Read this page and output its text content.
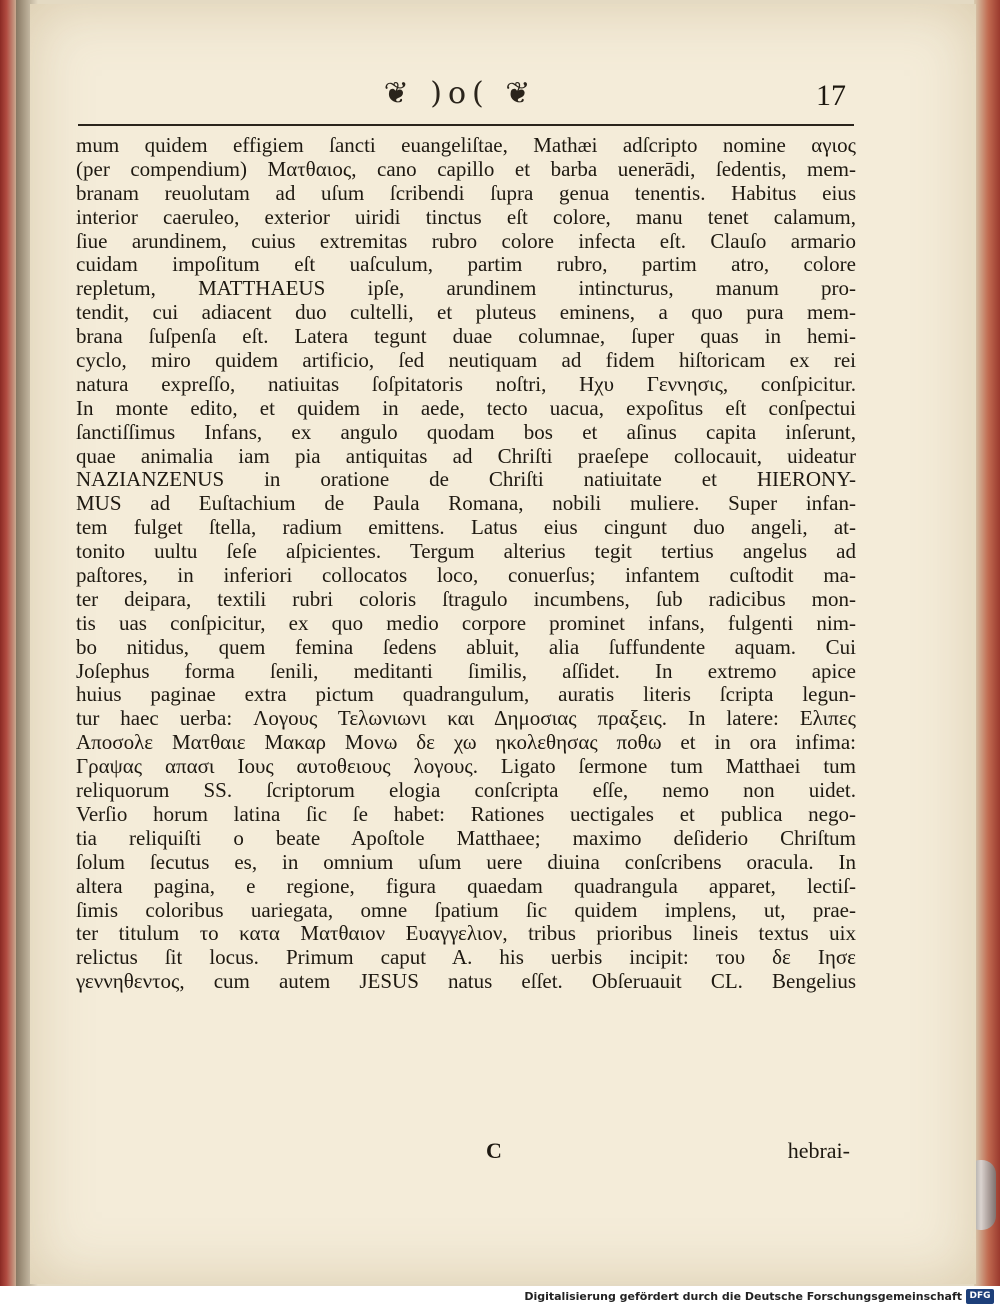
❦ )o( ❦	17
mum quidem effigiem ſancti euangeliſtae, Mathæi adſcripto nomine αγιος
(per compendium) Ματθαιος, cano capillo et barba uenerādi, ſedentis, mem-
branam reuolutam ad uſum ſcribendi ſupra genua tenentis. Habitus eius
interior caeruleo, exterior uiridi tinctus eſt colore, manu tenet calamum,
ſiue arundinem, cuius extremitas rubro colore infecta eſt. Clauſo armario
cuidam impoſitum eſt uaſculum, partim rubro, partim atro, colore
repletum, MATTHAEUS ipſe, arundinem intincturus, manum pro-
tendit, cui adiacent duo cultelli, et pluteus eminens, a quo pura mem-
brana ſuſpenſa eſt. Latera tegunt duae columnae, ſuper quas in hemi-
cyclo, miro quidem artificio, ſed neutiquam ad fidem hiſtoricam ex rei
natura expreſſo, natiuitas ſoſpitatoris noſtri, Ηχυ Γεννησις, conſpicitur.
In monte edito, et quidem in aede, tecto uacua, expoſitus eſt conſpectui
ſanctiſſimus Infans, ex angulo quodam bos et aſinus capita inſerunt,
quae animalia iam pia antiquitas ad Chriſti praeſepe collocauit, uideatur
NAZIANZENUS in oratione de Chriſti natiuitate et HIERONY-
MUS ad Euſtachium de Paula Romana, nobili muliere. Super infan-
tem fulget ſtella, radium emittens. Latus eius cingunt duo angeli, at-
tonito uultu ſeſe aſpicientes. Tergum alterius tegit tertius angelus ad
paſtores, in inferiori collocatos loco, conuerſus; infantem cuſtodit ma-
ter deipara, textili rubri coloris ſtragulo incumbens, ſub radicibus mon-
tis uas conſpicitur, ex quo medio corpore prominet infans, fulgenti nim-
bo nitidus, quem femina ſedens abluit, alia ſuffundente aquam. Cui
Joſephus forma ſenili, meditanti ſimilis, aſſidet. In extremo apice
huius paginae extra pictum quadrangulum, auratis literis ſcripta legun-
tur haec uerba: Λογους Τελωνιωνι και Δημοσιας πραξεις. In latere: Ελιπες
Αποσολε Ματθαιε Μακαρ Μονω δε χω ηκολεθησας ποθω et in ora infima:
Γραψας απασι Ιους αυτοθειους λογους. Ligato ſermone tum Matthaei tum
reliquorum SS. ſcriptorum elogia conſcripta eſſe, nemo non uidet.
Verſio horum latina ſic ſe habet: Rationes uectigales et publica nego-
tia reliquiſti o beate Apoſtole Matthaee; maximo deſiderio Chriſtum
ſolum ſecutus es, in omnium uſum uere diuina conſcribens oracula. In
altera pagina, e regione, figura quaedam quadrangula apparet, lectiſ-
ſimis coloribus uariegata, omne ſpatium ſic quidem implens, ut, prae-
ter titulum το κατα Ματθαιον Ευαγγελιον, tribus prioribus lineis textus uix
relictus ſit locus. Primum caput A. his uerbis incipit: του δε Ιησε
γεννηθεντος, cum autem JESUS natus eſſet. Obſeruauit CL. Bengelius
C	hebrai-
Digitalisierung gefördert durch die Deutsche Forschungsgemeinschaft DFG
